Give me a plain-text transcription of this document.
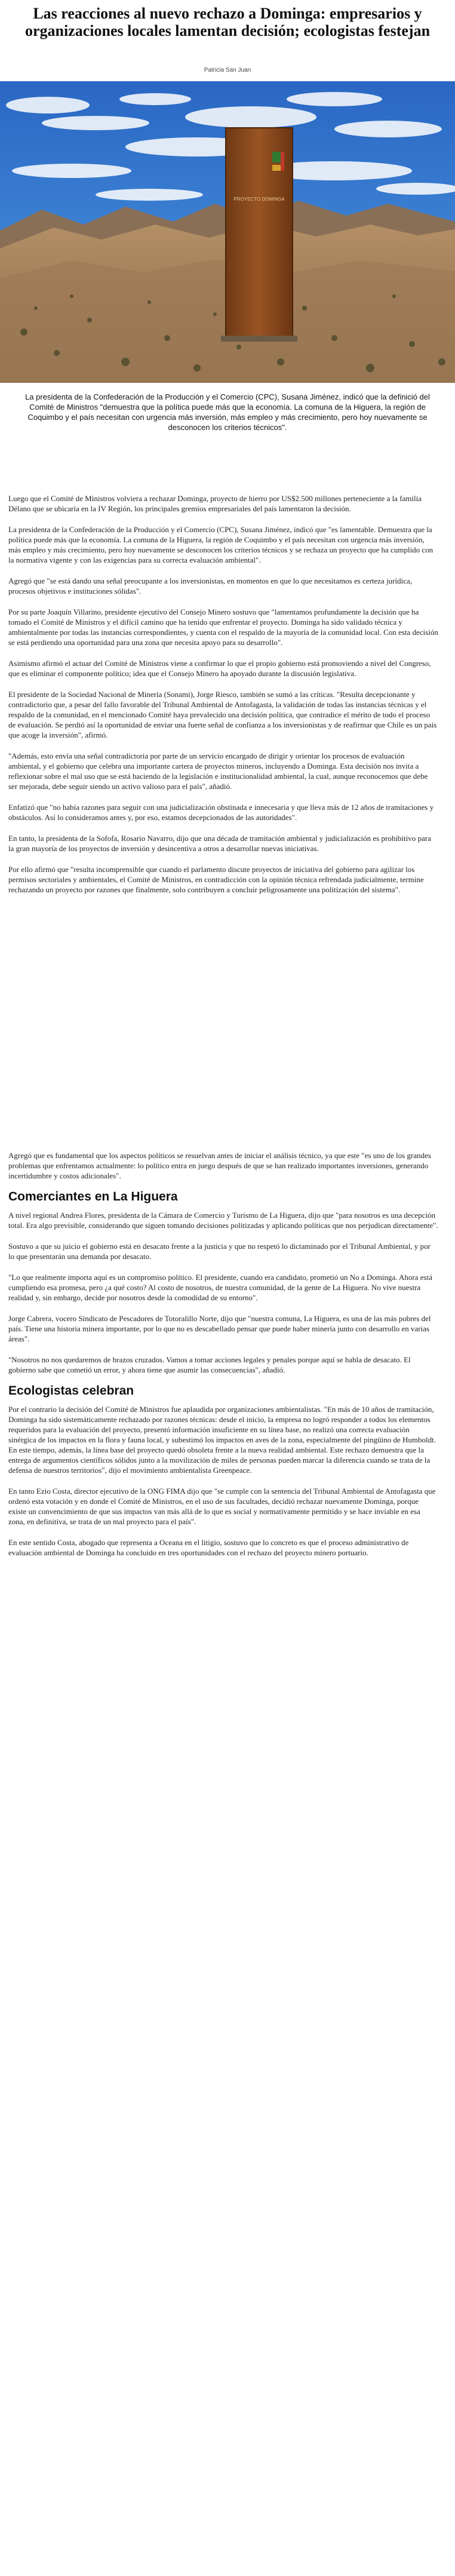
Las reacciones al nuevo rechazo a Dominga: empresarios y organizaciones locales lamentan decisión; ecologistas festejan
Patricia San Juan
PROYECTO DOMINGA
La presidenta de la Confederación de la Producción y el Comercio (CPC), Susana Jiménez, indicó que la definició del Comité de Ministros "demuestra que la política puede más que la economía. La comuna de la Higuera, la región de Coquimbo y el país necesitan con urgencia más inversión, más empleo y más crecimiento, pero hoy nuevamente se desconocen los criterios técnicos".

Luego que el Comité de Ministros volviera a rechazar Dominga, proyecto de hierro por US$2.500 millones perteneciente a la familia Délano que se ubicaría en la IV Región, los principales gremios empresariales del país lamentaron la decisión.

La presidenta de la Confederación de la Producción y el Comercio (CPC), Susana Jiménez, indicó que "es lamentable. Demuestra que la política puede más que la economía. La comuna de la Higuera, la región de Coquimbo y el país necesitan con urgencia más inversión, más empleo y más crecimiento, pero hoy nuevamente se desconocen los criterios técnicos y se rechaza un proyecto que ha cumplido con la normativa vigente y con las exigencias para su correcta evaluación ambiental".

Agregó que "se está dando una señal preocupante a los inversionistas, en momentos en que lo que necesitamos es certeza jurídica, procesos objetivos e instituciones sólidas".

Por su parte Joaquín Villarino, presidente ejecutivo del Consejo Minero sostuvo que "lamentamos profundamente la decisión que ha tomado el Comité de Ministros y el difícil camino que ha tenido que enfrentar el proyecto. Dominga ha sido validado técnica y ambientalmente por todas las instancias correspondientes, y cuenta con el respaldo de la mayoría de la comunidad local. Con esta decisión se está perdiendo una oportunidad para una zona que necesita apoyo para su desarrollo".

Asimismo afirmó el actuar del Comité de Ministros viene a confirmar lo que el propio gobierno está promoviendo a nivel del Congreso, que es eliminar el componente político; idea que el Consejo Minero ha apoyado durante la discusión legislativa.

El presidente de la Sociedad Nacional de Minería (Sonami), Jorge Riesco, también se sumó a las críticas. "Resulta decepcionante y contradictorio que, a pesar del fallo favorable del Tribunal Ambiental de Antofagasta, la validación de todas las instancias técnicas y el respaldo de la comunidad, en el mencionado Comité haya prevalecido una decisión política, que contradice el mérito de todo el proceso de evaluación. Se perdió así la oportunidad de enviar una fuerte señal de confianza a los inversionistas y de reafirmar que Chile es un país que acoge la inversión", afirmó.

"Además, esto envía una señal contradictoria por parte de un servicio encargado de dirigir y orientar los procesos de evaluación ambiental, y el gobierno que celebra una importante cartera de proyectos mineros, incluyendo a Dominga. Esta decisión nos invita a reflexionar sobre el mal uso que se está haciendo de la legislación e institucionalidad ambiental, la cual, aunque reconocemos que debe ser mejorada, debe seguir siendo un activo valioso para el país", añadió.

Enfatizó que "no había razones para seguir con una judicialización obstinada e innecesaria y que lleva más de 12 años de tramitaciones y obstáculos. Así lo consideramos antes y, por eso, estamos decepcionados de las autoridades".

En tanto, la presidenta de la Sofofa, Rosario Navarro, dijo que una década de tramitación ambiental y judicialización es prohibitivo para la gran mayoría de los proyectos de inversión y desincentiva a otros a desarrollar nuevas iniciativas.

Por ello afirmó que "resulta incomprensible que cuando el parlamento discute proyectos de iniciativa del gobierno para agilizar los permisos sectoriales y ambientales, el Comité de Ministros, en contradicción con la opinión técnica refrendada judicialmente, termine rechazando un proyecto por razones que finalmente, solo contribuyen a concluir peligrosamente una politización del sistema".

Agregó que es fundamental que los aspectos políticos se resuelvan antes de iniciar el análisis técnico, ya que este "es uno de los grandes problemas que enfrentamos actualmente: lo político entra en juego después de que se han realizado importantes inversiones, generando incertidumbre y costos adicionales".

Comerciantes en La Higuera

A nivel regional Andrea Flores, presidenta de la Cámara de Comercio y Turismo de La Higuera, dijo que "para nosotros es una decepción total. Era algo previsible, considerando que siguen tomando decisiones politizadas y aplicando políticas que nos perjudican directamente".

Sostuvo a que su juicio el gobierno está en desacato frente a la justicia y que no respetó lo dictaminado por el Tribunal Ambiental, y por lo que presentarán una demanda por desacato.

"Lo que realmente importa aquí es un compromiso político. El presidente, cuando era candidato, prometió un No a Dominga. Ahora está cumpliendo esa promesa, pero ¿a qué costo? Al costo de nosotros, de nuestra comunidad, de la gente de La Higuera. No vive nuestra realidad y, sin embargo, decide por nosotros desde la comodidad de su entorno".

Jorge Cabrera, vocero Sindicato de Pescadores de Totoralillo Norte, dijo que "nuestra comuna, La Higuera, es una de las más pobres del país. Tiene una historia minera importante, por lo que no es descabellado pensar que puede haber minería junto con desarrollo en varias áreas".

"Nosotros no nos quedaremos de brazos cruzados. Vamos a tomar acciones legales y penales porque aquí se habla de desacato. El gobierno sabe que cometió un error, y ahora tiene que asumir las consecuencias", añadió.

Ecologistas celebran

Por el contrario la decisión del Comité de Ministros fue aplaudida por organizaciones ambientalistas. "En más de 10 años de tramitación, Dominga ha sido sistemáticamente rechazado por razones técnicas: desde el inicio, la empresa no logró responder a todos los elementos requeridos para la evaluación del proyecto, presentó información insuficiente en su línea base, no realizó una correcta evaluación sinérgica de los impactos en la flora y fauna local, y subestimó los impactos en aves de la zona, especialmente del pingüino de Humboldt. En este tiempo, además, la línea base del proyecto quedó obsoleta frente a la nueva realidad ambiental. Este rechazo demuestra que la entrega de argumentos científicos sólidos junto a la movilización de miles de personas pueden marcar la diferencia cuando se trata de la defensa de nuestros territorios", dijo el movimiento ambientalista Greenpeace.

En tanto Ezio Costa, director ejecutivo de la ONG FIMA dijo que "se cumple con la sentencia del Tribunal Ambiental de Antofagasta que ordenó esta votación y en donde el Comité de Ministros, en el uso de sus facultades, decidió rechazar nuevamente Dominga, porque existe un convencimiento de que sus impactos van más allá de lo que es social y normativamente permitido y se hace inviable en esa zona, en definitiva, se trata de un mal proyecto para el país".

En este sentido Costa, abogado que representa a Oceana en el litigio, sostuvo que lo concreto es que el proceso administrativo de evaluación ambiental de Dominga ha concluido en tres oportunidades con el rechazo del proyecto minero portuario.
